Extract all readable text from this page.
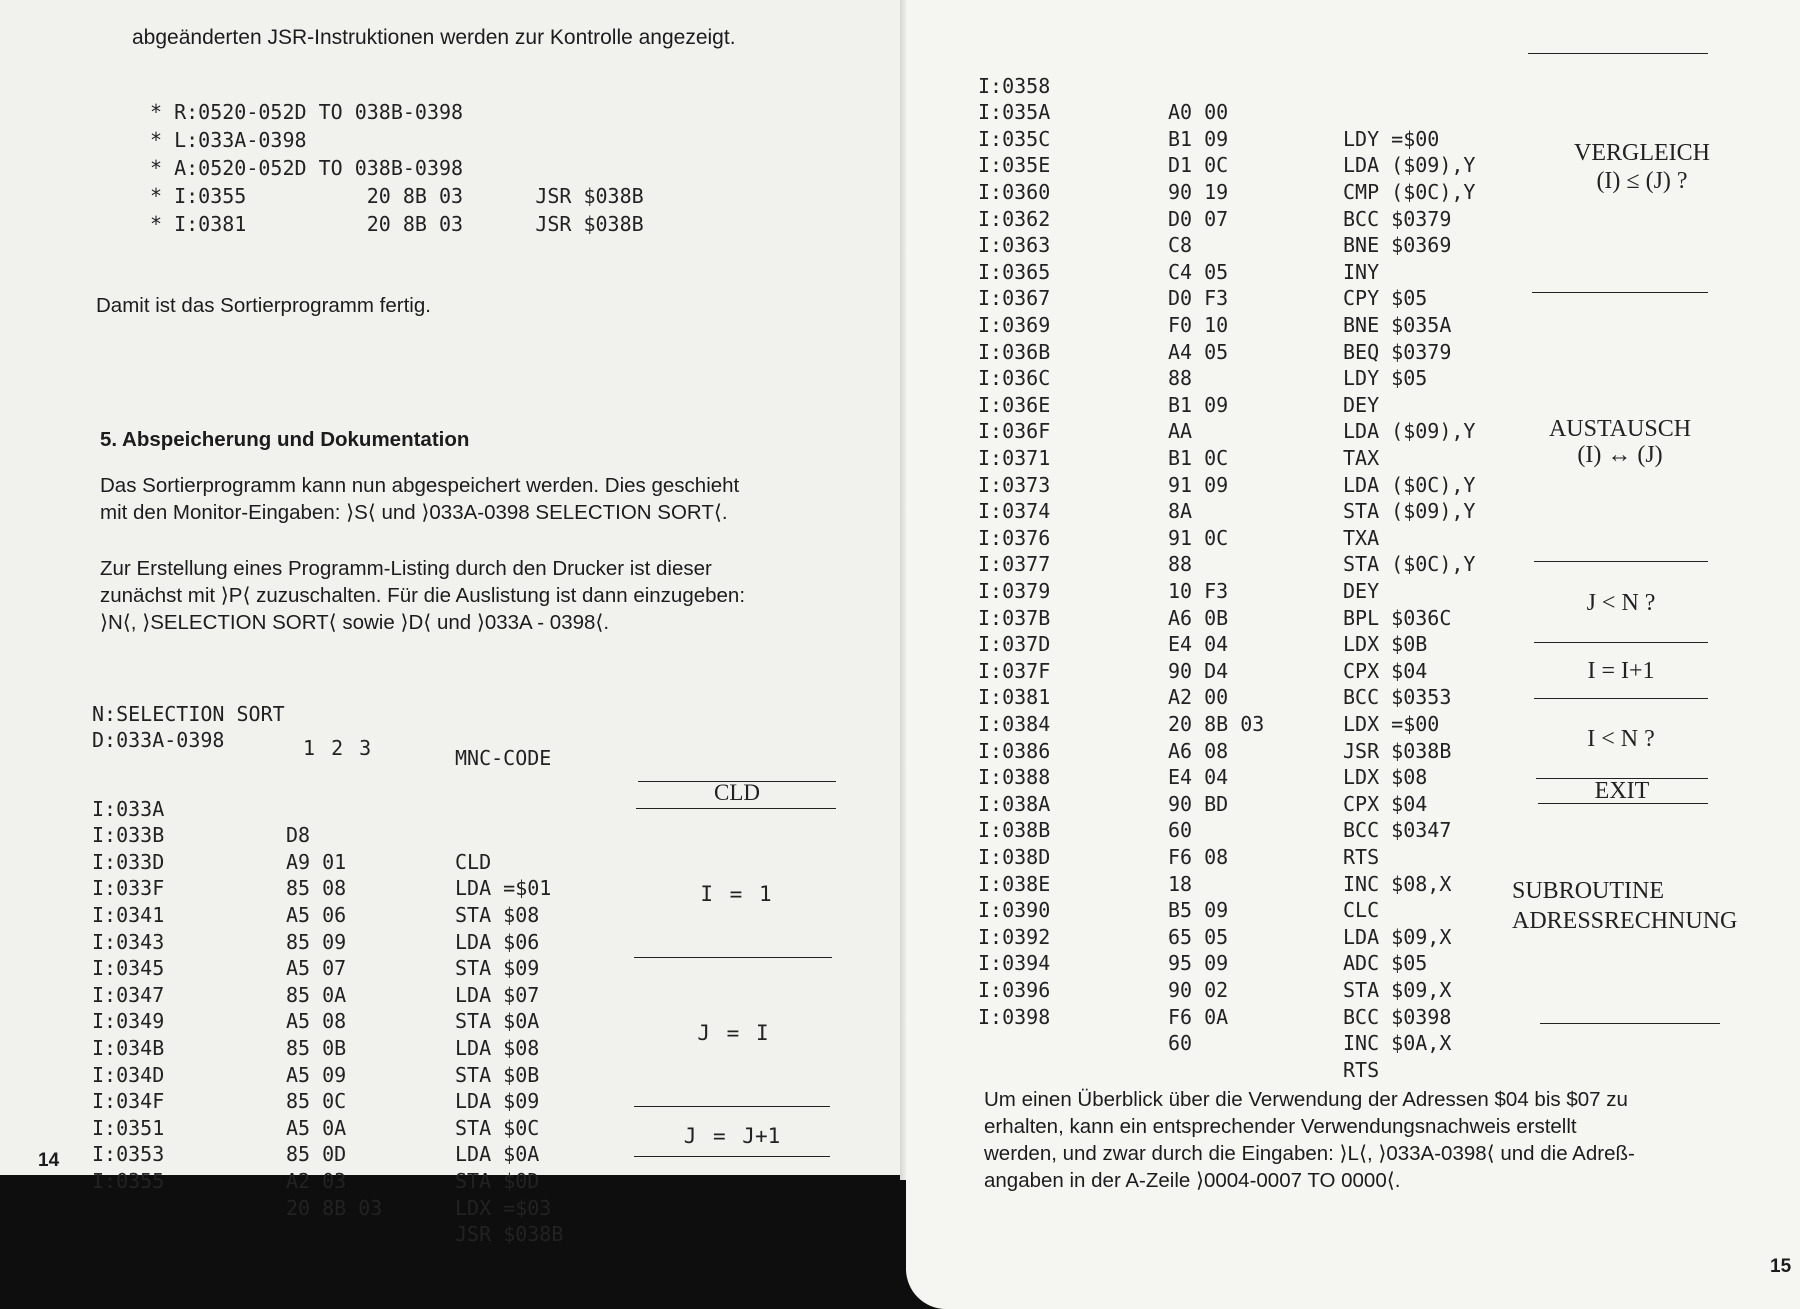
abgeänderten JSR-Instruktionen werden zur Kontrolle angezeigt.
* R:0520-052D TO 038B-0398
* L:033A-0398
* A:0520-052D TO 038B-0398
* I:0355          20 8B 03      JSR $038B
* I:0381          20 8B 03      JSR $038B
Damit ist das Sortierprogramm fertig.
5. Abspeicherung und Dokumentation
Das Sortierprogramm kann nun abgespeichert werden. Dies geschieht
mit den Monitor-Eingaben: ⟩S⟨ und ⟩033A-0398 SELECTION SORT⟨.
Zur Erstellung eines Programm-Listing durch den Drucker ist dieser
zunächst mit ⟩P⟨ zuzuschalten. Für die Auslistung ist dann einzugeben:
⟩N⟨, ⟩SELECTION SORT⟨ sowie ⟩D⟨ und ⟩033A - 0398⟨.
N:SELECTION SORT
D:033A-0398	1 2 3	MNC-CODE

I:033A

D8

CLD

I:033B

A9 01

LDA =$01

I:033D

85 08

STA $08

I:033F

A5 06

LDA $06

I:0341

85 09

STA $09

I:0343

A5 07

LDA $07

I:0345

85 0A

STA $0A

I:0347

A5 08

LDA $08

I:0349

85 0B

STA $0B

I:034B

A5 09

LDA $09

I:034D

85 0C

STA $0C

I:034F

A5 0A

LDA $0A

I:0351

85 0D

STA $0D

I:0353

A2 03

LDX =$03

I:0355

20 8B 03

JSR $038B

CLD
I = 1
J = I
J = J+1
14

I:0358

A0 00

LDY =$00

I:035A

B1 09

LDA ($09),Y

I:035C

D1 0C

CMP ($0C),Y

I:035E

90 19

BCC $0379

I:0360

D0 07

BNE $0369

I:0362

C8

INY

I:0363

C4 05

CPY $05

I:0365

D0 F3

BNE $035A

I:0367

F0 10

BEQ $0379

I:0369

A4 05

LDY $05

I:036B

88

DEY

I:036C

B1 09

LDA ($09),Y

I:036E

AA

TAX

I:036F

B1 0C

LDA ($0C),Y

I:0371

91 09

STA ($09),Y

I:0373

8A

TXA

I:0374

91 0C

STA ($0C),Y

I:0376

88

DEY

I:0377

10 F3

BPL $036C

I:0379

A6 0B

LDX $0B

I:037B

E4 04

CPX $04

I:037D

90 D4

BCC $0353

I:037F

A2 00

LDX =$00

I:0381

20 8B 03

JSR $038B

I:0384

A6 08

LDX $08

I:0386

E4 04

CPX $04

I:0388

90 BD

BCC $0347

I:038A

60

RTS

I:038B

F6 08

INC $08,X

I:038D

18

CLC

I:038E

B5 09

LDA $09,X

I:0390

65 05

ADC $05

I:0392

95 09

STA $09,X

I:0394

90 02

BCC $0398

I:0396

F6 0A

INC $0A,X

I:0398

60

RTS

VERGLEICH
(I) ≤ (J) ?
AUSTAUSCH
(I) ↔ (J)
J < N ?
I = I+1
I < N ?
EXIT
SUBROUTINE
ADRESSRECHNUNG
Um einen Überblick über die Verwendung der Adressen $04 bis $07 zu
erhalten, kann ein entsprechender Verwendungsnachweis erstellt
werden, und zwar durch die Eingaben: ⟩L⟨, ⟩033A-0398⟨ und die Adreß-
angaben in der A-Zeile ⟩0004-0007 TO 0000⟨.
15
